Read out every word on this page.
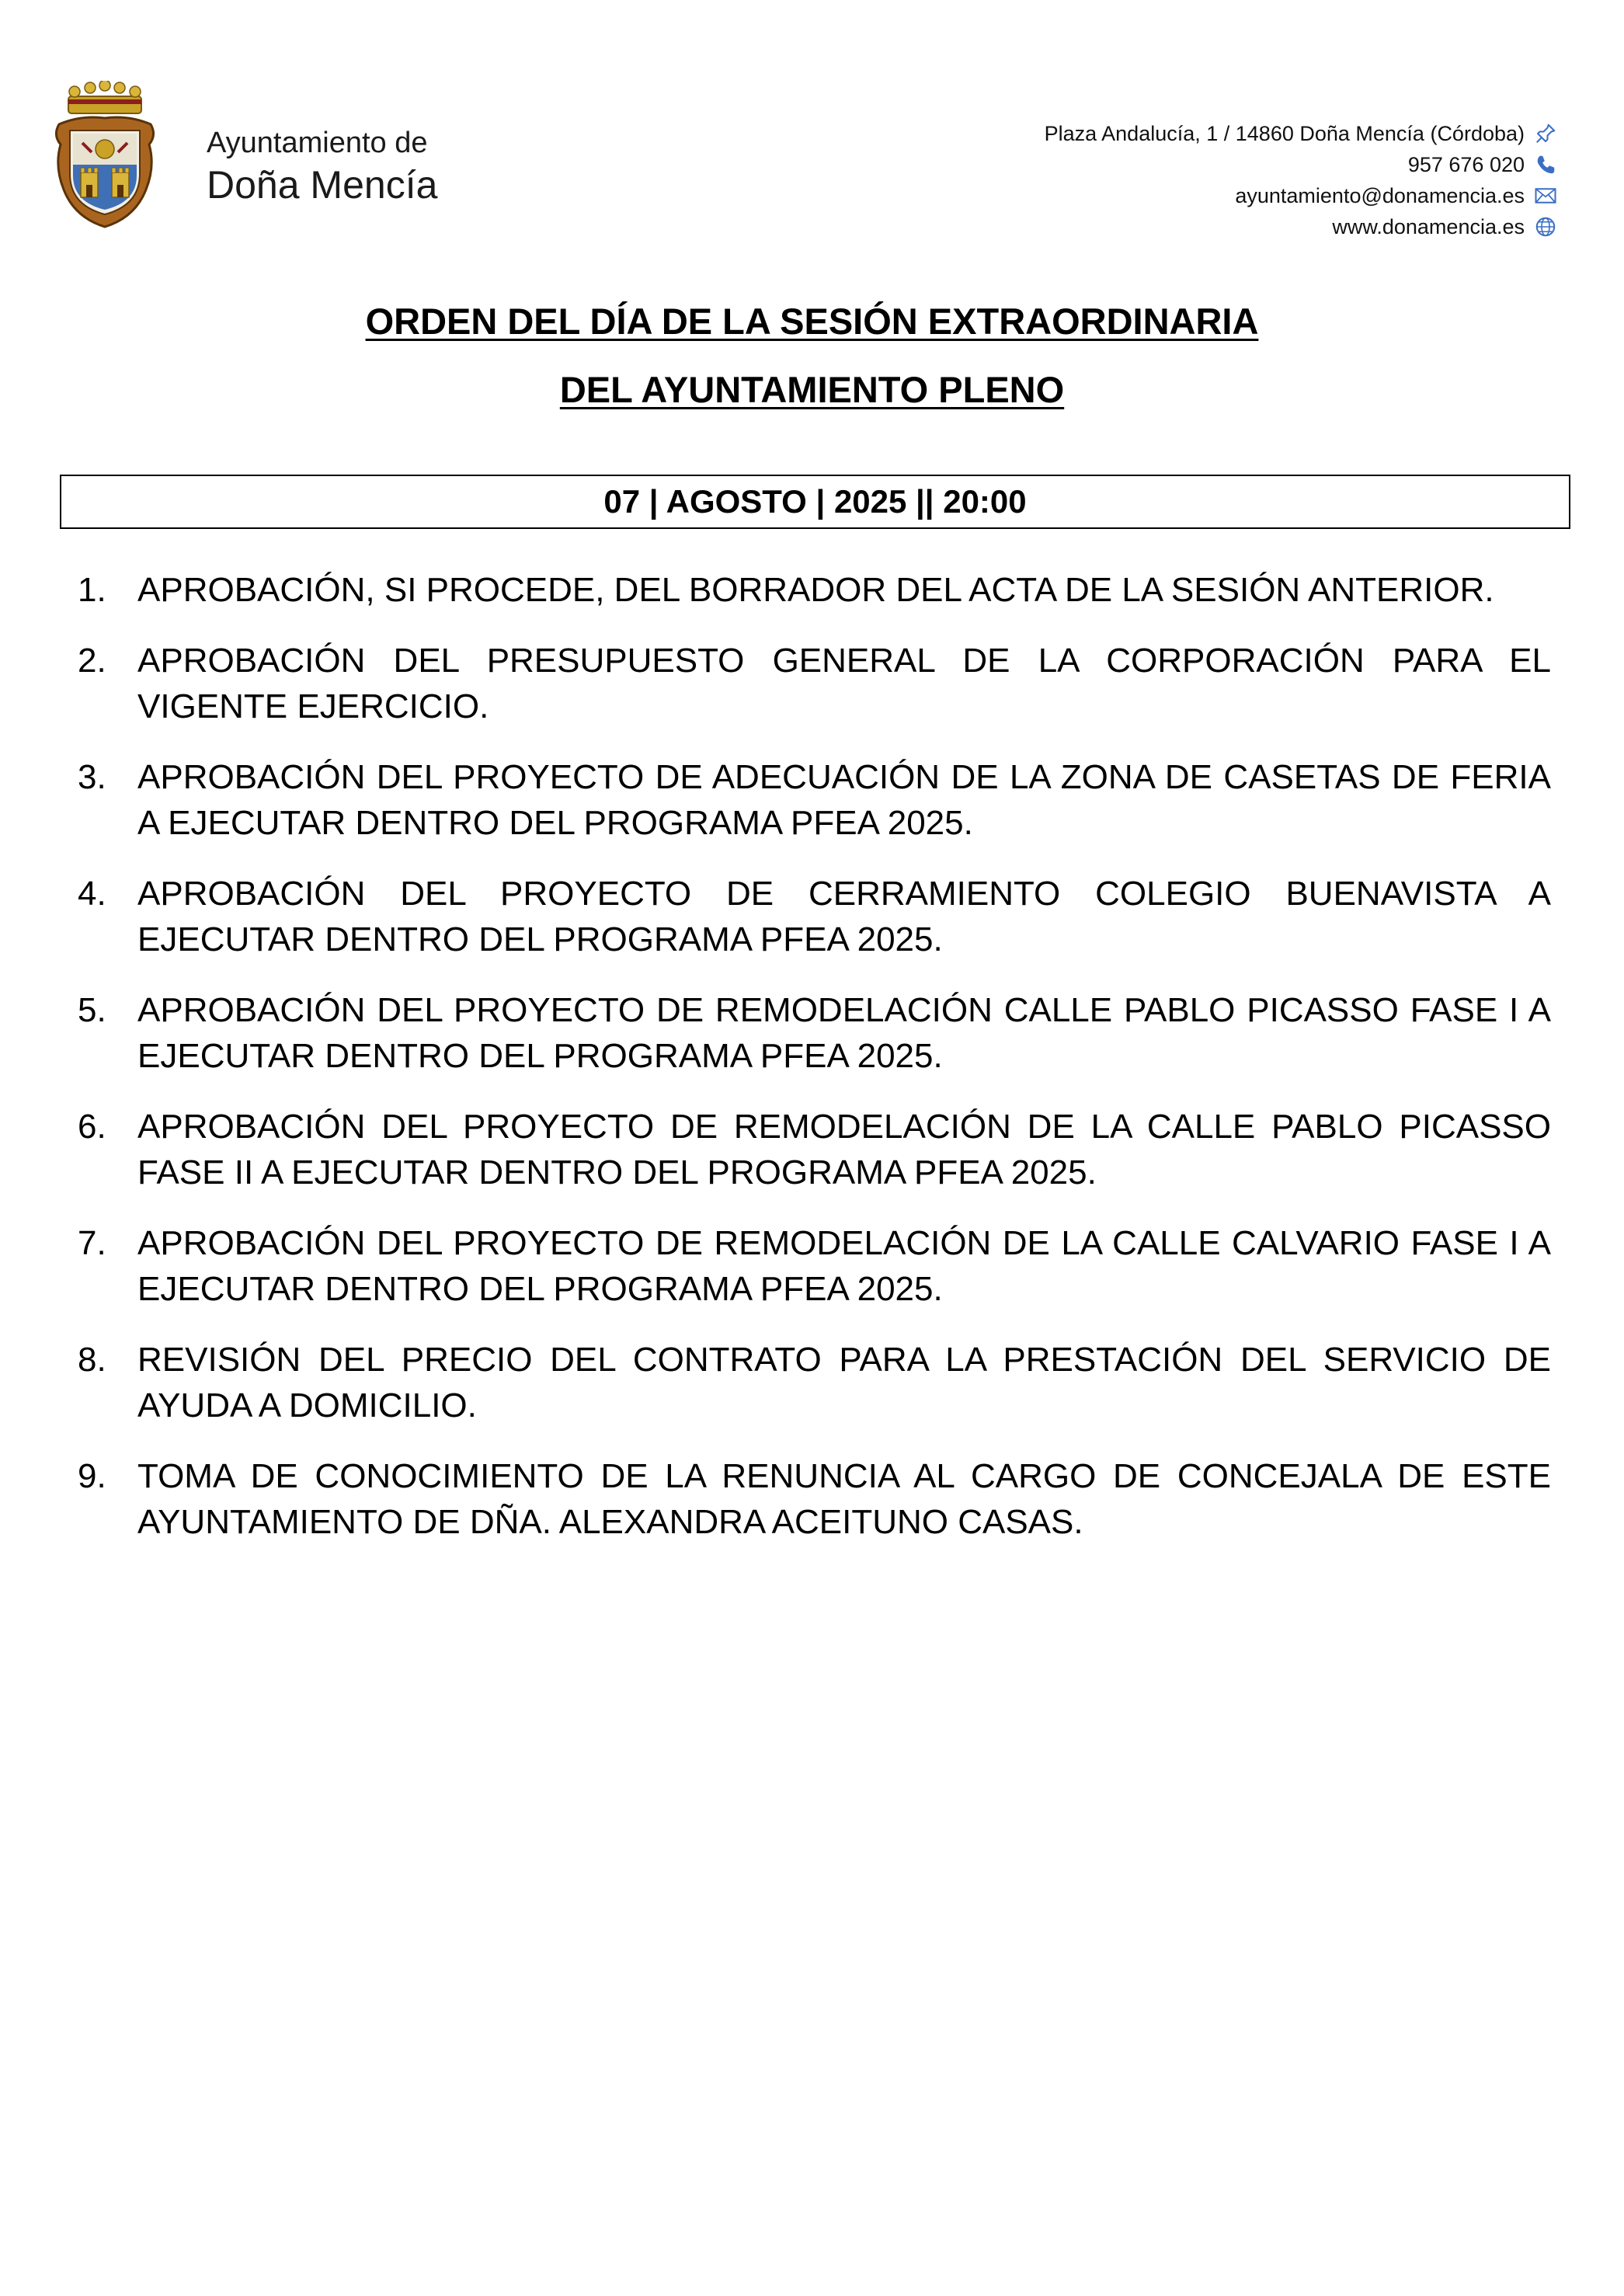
Ayuntamiento de
Doña Mencía
Plaza Andalucía, 1 / 14860 Doña Mencía (Córdoba)
957 676 020
ayuntamiento@donamencia.es
www.donamencia.es
ORDEN DEL DÍA DE LA SESIÓN EXTRAORDINARIA
DEL AYUNTAMIENTO PLENO
07 | AGOSTO | 2025 || 20:00
1. APROBACIÓN, SI PROCEDE, DEL BORRADOR DEL ACTA DE LA SESIÓN ANTERIOR.
2. APROBACIÓN DEL PRESUPUESTO GENERAL DE LA CORPORACIÓN PARA EL VIGENTE EJERCICIO.
3. APROBACIÓN DEL PROYECTO DE ADECUACIÓN DE LA ZONA DE CASETAS DE FERIA A EJECUTAR DENTRO DEL PROGRAMA PFEA 2025.
4. APROBACIÓN DEL PROYECTO DE CERRAMIENTO COLEGIO BUENAVISTA A EJECUTAR DENTRO DEL PROGRAMA PFEA 2025.
5. APROBACIÓN DEL PROYECTO DE REMODELACIÓN CALLE PABLO PICASSO FASE I A EJECUTAR DENTRO DEL PROGRAMA PFEA 2025.
6. APROBACIÓN DEL PROYECTO DE REMODELACIÓN DE LA CALLE PABLO PICASSO FASE II A EJECUTAR DENTRO DEL PROGRAMA PFEA 2025.
7. APROBACIÓN DEL PROYECTO DE REMODELACIÓN DE LA CALLE CALVARIO FASE I A EJECUTAR DENTRO DEL PROGRAMA PFEA 2025.
8. REVISIÓN DEL PRECIO DEL CONTRATO PARA LA PRESTACIÓN DEL SERVICIO DE AYUDA A DOMICILIO.
9. TOMA DE CONOCIMIENTO DE LA RENUNCIA AL CARGO DE CONCEJALA DE ESTE AYUNTAMIENTO DE DÑA. ALEXANDRA ACEITUNO CASAS.
